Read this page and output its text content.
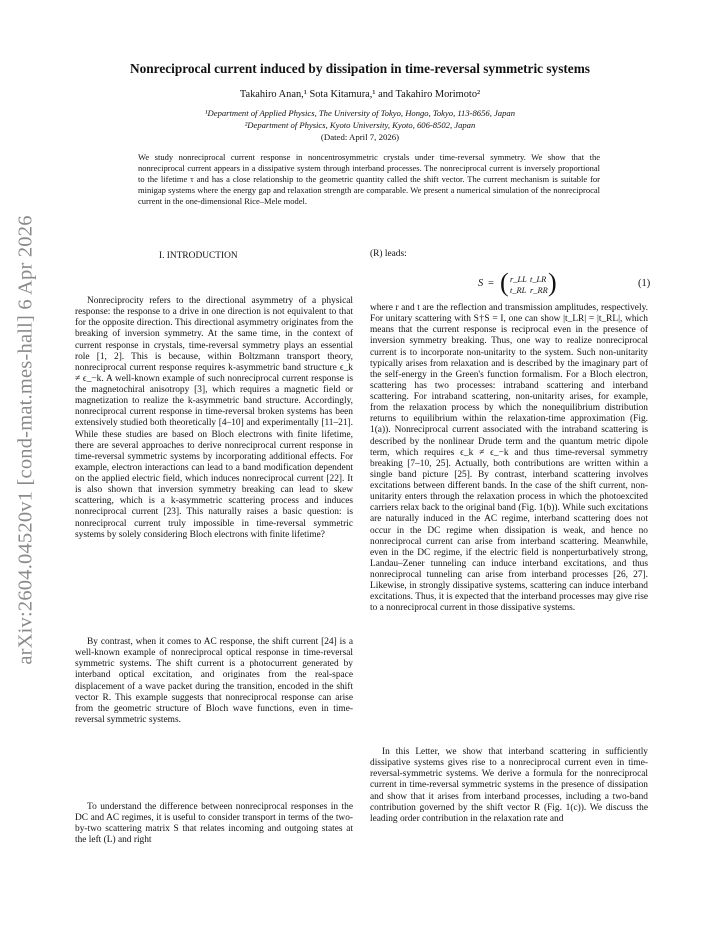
arXiv:2604.04520v1 [cond-mat.mes-hall] 6 Apr 2026
Nonreciprocal current induced by dissipation in time-reversal symmetric systems
Takahiro Anan,¹ Sota Kitamura,¹ and Takahiro Morimoto²
¹Department of Applied Physics, The University of Tokyo, Hongo, Tokyo, 113-8656, Japan
²Department of Physics, Kyoto University, Kyoto, 606-8502, Japan
(Dated: April 7, 2026)
We study nonreciprocal current response in noncentrosymmetric crystals under time-reversal symmetry. We show that the nonreciprocal current appears in a dissipative system through interband processes. The nonreciprocal current is inversely proportional to the lifetime τ and has a close relationship to the geometric quantity called the shift vector. The current mechanism is suitable for minigap systems where the energy gap and relaxation strength are comparable. We present a numerical simulation of the nonreciprocal current in the one-dimensional Rice–Mele model.
I. INTRODUCTION

Nonreciprocity refers to the directional asymmetry of a physical response: the response to a drive in one direction is not equivalent to that for the opposite direction. This directional asymmetry originates from the breaking of inversion symmetry. At the same time, in the context of current response in crystals, time-reversal symmetry plays an essential role [1, 2]. This is because, within Boltzmann transport theory, nonreciprocal current response requires k-asymmetric band structure ϵ_k ≠ ϵ_−k. A well-known example of such nonreciprocal current response is the magnetochiral anisotropy [3], which requires a magnetic field or magnetization to realize the k-asymmetric band structure. Accordingly, nonreciprocal current response in time-reversal broken systems has been extensively studied both theoretically [4–10] and experimentally [11–21]. While these studies are based on Bloch electrons with finite lifetime, there are several approaches to derive nonreciprocal current response in time-reversal symmetric systems by incorporating additional effects. For example, electron interactions can lead to a band modification dependent on the applied electric field, which induces nonreciprocal current [22]. It is also shown that inversion symmetry breaking can lead to skew scattering, which is a k-asymmetric scattering process and induces nonreciprocal current [23]. This naturally raises a basic question: is nonreciprocal current truly impossible in time-reversal symmetric systems by solely considering Bloch electrons with finite lifetime?

By contrast, when it comes to AC response, the shift current [24] is a well-known example of nonreciprocal optical response in time-reversal symmetric systems. The shift current is a photocurrent generated by interband optical excitation, and originates from the real-space displacement of a wave packet during the transition, encoded in the shift vector R. This example suggests that nonreciprocal response can arise from the geometric structure of Bloch wave functions, even in time-reversal symmetric systems.

To understand the difference between nonreciprocal responses in the DC and AC regimes, it is useful to consider transport in terms of the two-by-two scattering matrix S that relates incoming and outgoing states at the left (L) and right

(R) leads:

S = ( r_LL t_LR
t_RL r_RR )	(1)

where r and t are the reflection and transmission amplitudes, respectively. For unitary scattering with S†S = I, one can show |t_LR| = |t_RL|, which means that the current response is reciprocal even in the presence of inversion symmetry breaking. Thus, one way to realize nonreciprocal current is to incorporate non-unitarity to the system. Such non-unitarity typically arises from relaxation and is described by the imaginary part of the self-energy in the Green's function formalism. For a Bloch electron, scattering has two processes: intraband scattering and interband scattering. For intraband scattering, non-unitarity arises, for example, from the relaxation process by which the nonequilibrium distribution returns to equilibrium within the relaxation-time approximation (Fig. 1(a)). Nonreciprocal current associated with the intraband scattering is described by the nonlinear Drude term and the quantum metric dipole term, which requires ϵ_k ≠ ϵ_−k and thus time-reversal symmetry breaking [7–10, 25]. Actually, both contributions are written within a single band picture [25]. By contrast, interband scattering involves excitations between different bands. In the case of the shift current, non-unitarity enters through the relaxation process in which the photoexcited carriers relax back to the original band (Fig. 1(b)). While such excitations are naturally induced in the AC regime, interband scattering does not occur in the DC regime when dissipation is weak, and hence no nonreciprocal current can arise from interband scattering. Meanwhile, even in the DC regime, if the electric field is nonperturbatively strong, Landau–Zener tunneling can induce interband excitations, and thus nonreciprocal tunneling can arise from interband processes [26, 27]. Likewise, in strongly dissipative systems, scattering can induce interband excitations. Thus, it is expected that the interband processes may give rise to a nonreciprocal current in those dissipative systems.

In this Letter, we show that interband scattering in sufficiently dissipative systems gives rise to a nonreciprocal current even in time-reversal-symmetric systems. We derive a formula for the nonreciprocal current in time-reversal symmetric systems in the presence of dissipation and show that it arises from interband processes, including a two-band contribution governed by the shift vector R (Fig. 1(c)). We discuss the leading order contribution in the relaxation rate and
